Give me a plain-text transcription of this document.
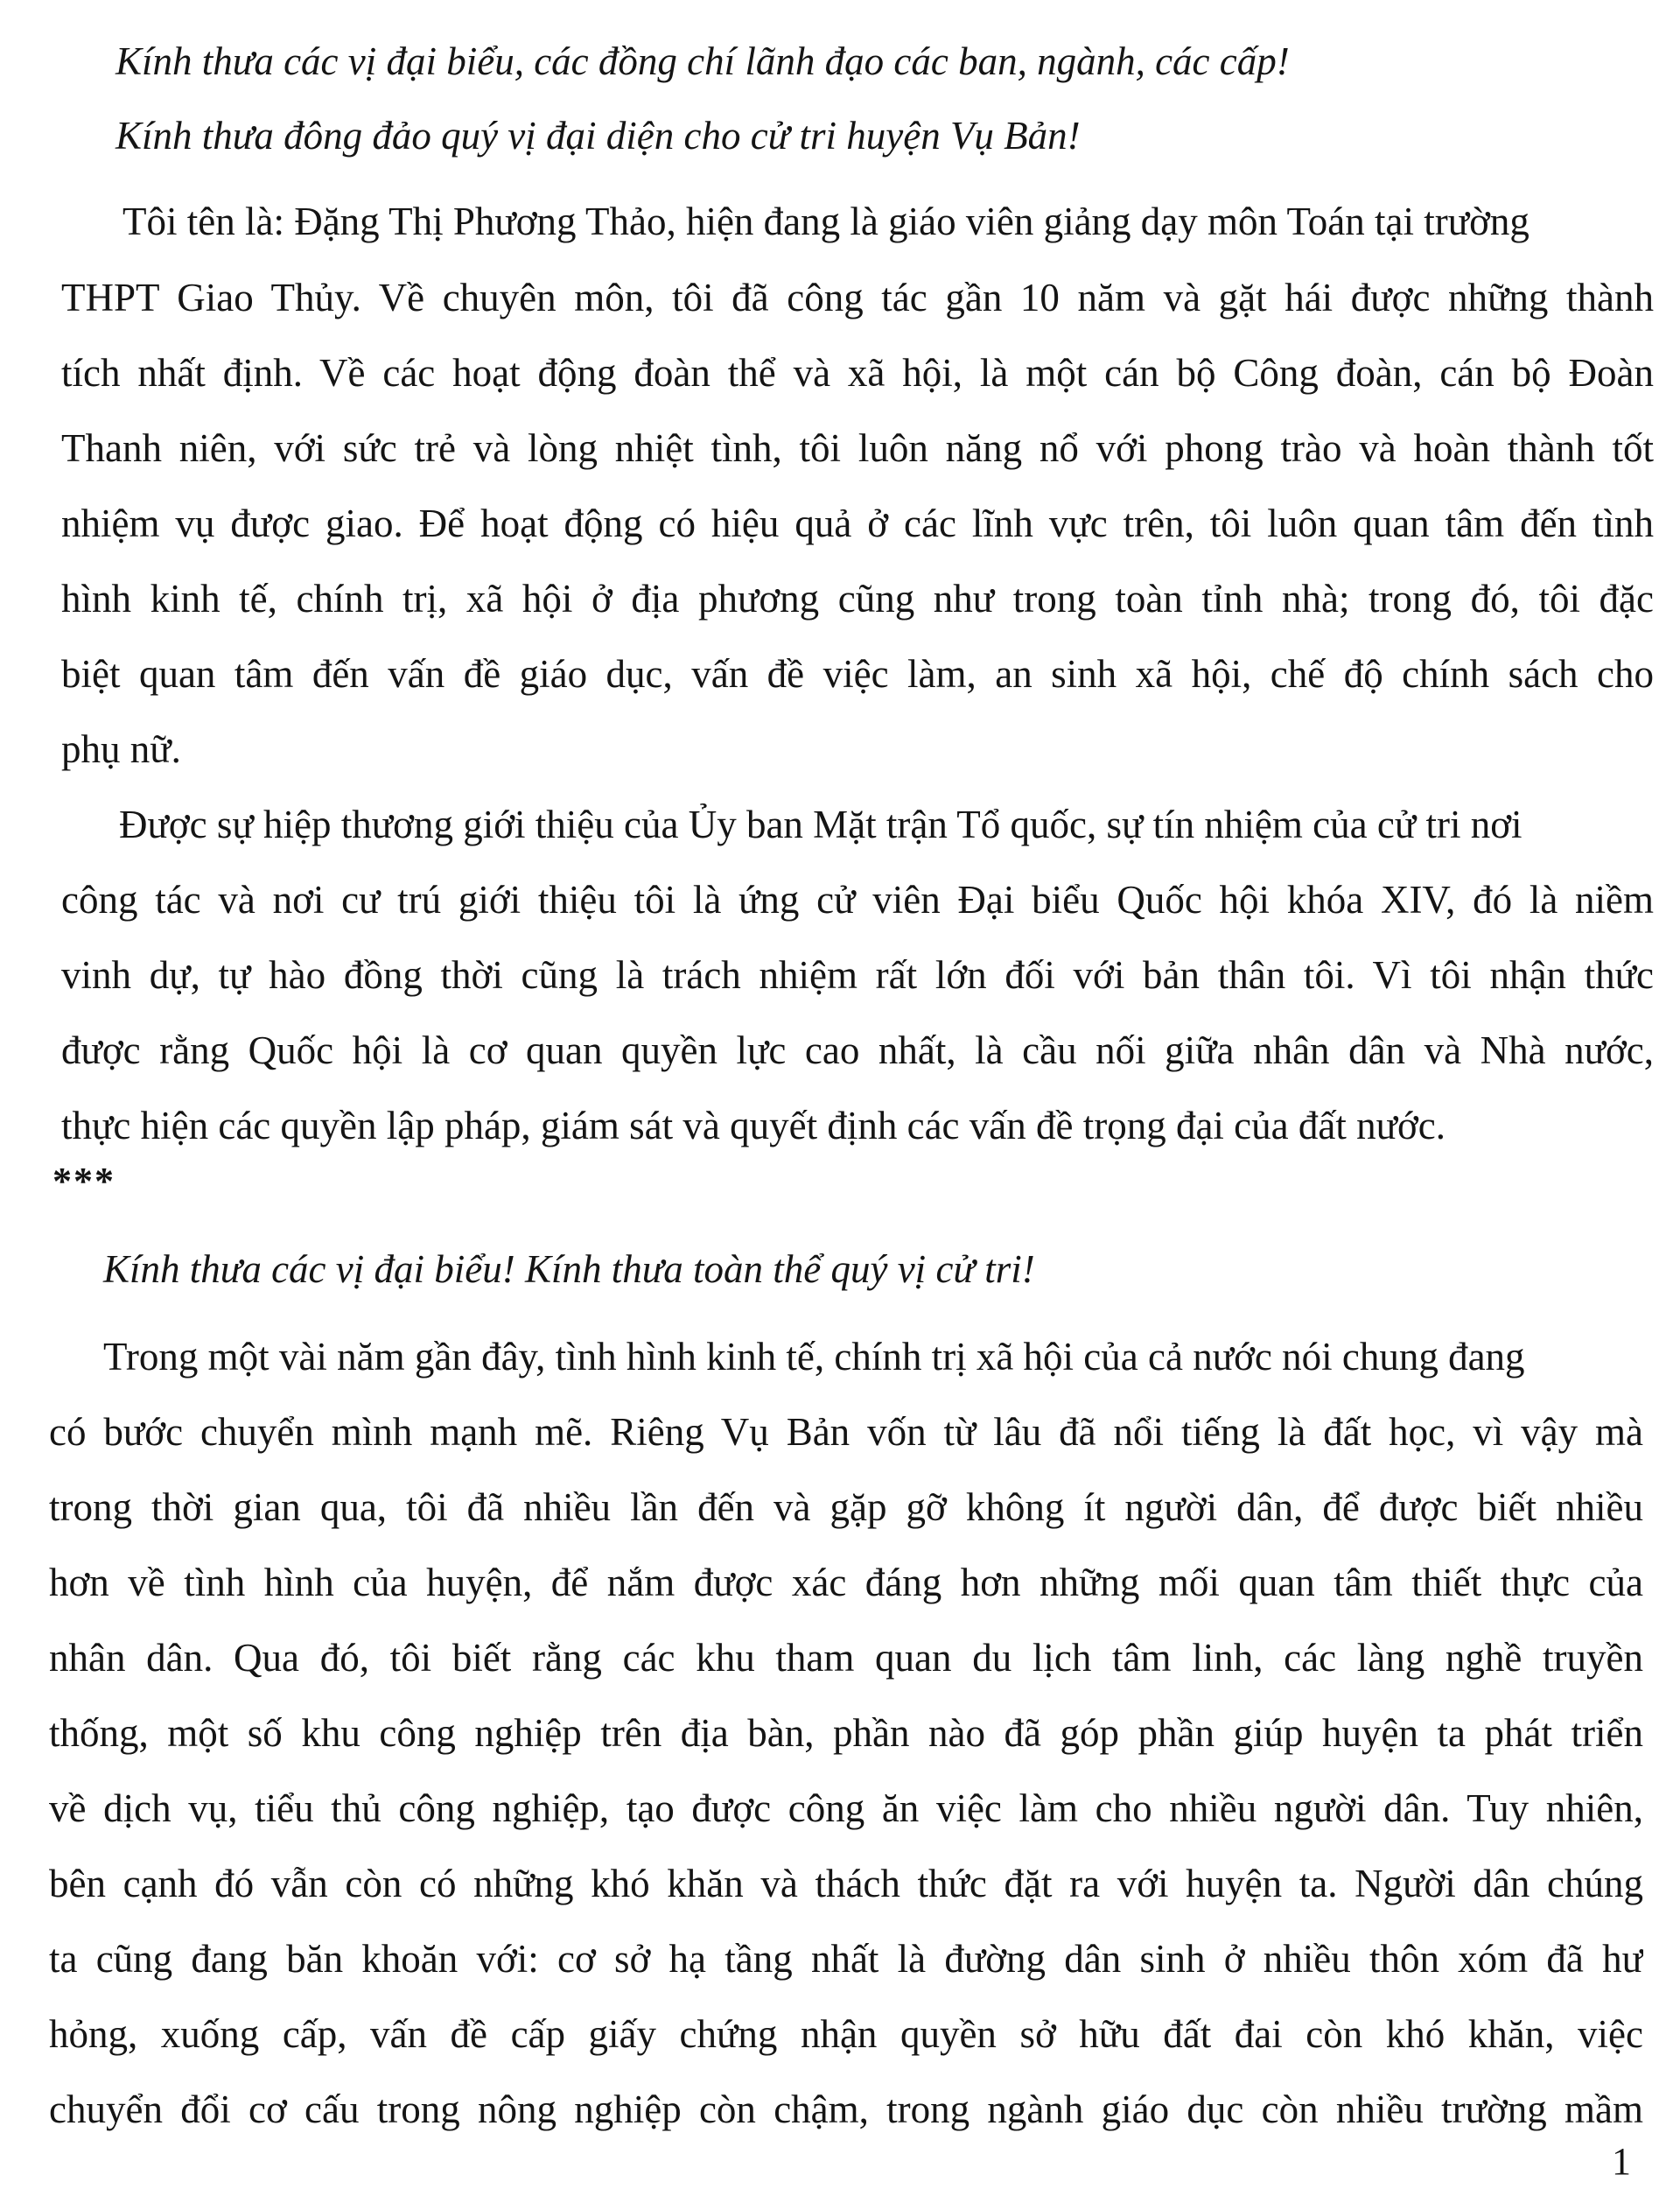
Kính thưa các vị đại biểu, các đồng chí lãnh đạo các ban, ngành, các cấp!

Kính thưa đông đảo quý vị đại diện cho cử tri huyện Vụ Bản!

Tôi tên là: Đặng Thị Phương Thảo, hiện đang là giáo viên giảng dạy môn Toán tại trường

THPT Giao Thủy. Về chuyên môn, tôi đã công tác gần 10 năm và gặt hái được những thành

tích nhất định. Về các hoạt động đoàn thể và xã hội, là một cán bộ Công đoàn, cán bộ Đoàn

Thanh niên, với sức trẻ và lòng nhiệt tình, tôi luôn năng nổ với phong trào và hoàn thành tốt

nhiệm vụ được giao. Để hoạt động có hiệu quả ở các lĩnh vực trên, tôi luôn quan tâm đến tình

hình kinh tế, chính trị, xã hội ở địa phương cũng như trong toàn tỉnh nhà; trong đó, tôi đặc

biệt quan tâm đến vấn đề giáo dục, vấn đề việc làm, an sinh xã hội, chế độ chính sách cho

phụ nữ.

Được sự hiệp thương giới thiệu của Ủy ban Mặt trận Tổ quốc, sự tín nhiệm của cử tri nơi

công tác và nơi cư trú giới thiệu tôi là ứng cử viên Đại biểu Quốc hội khóa XIV, đó là niềm

vinh dự, tự hào đồng thời cũng là trách nhiệm rất lớn đối với bản thân tôi. Vì tôi nhận thức

được rằng Quốc hội là cơ quan quyền lực cao nhất, là cầu nối giữa nhân dân và Nhà nước,

thực hiện các quyền lập pháp, giám sát và quyết định các vấn đề trọng đại của đất nước.

***

Kính thưa các vị đại biểu! Kính thưa toàn thể quý vị cử tri!

Trong một vài năm gần đây, tình hình kinh tế, chính trị xã hội của cả nước nói chung đang

có bước chuyển mình mạnh mẽ. Riêng Vụ Bản vốn từ lâu đã nổi tiếng là đất học, vì vậy mà

trong thời gian qua, tôi đã nhiều lần đến và gặp gỡ không ít người dân, để được biết nhiều

hơn về tình hình của huyện, để nắm được xác đáng hơn những mối quan tâm thiết thực của

nhân dân. Qua đó, tôi biết rằng các khu tham quan du lịch tâm linh, các làng nghề truyền

thống, một số khu công nghiệp trên địa bàn, phần nào đã góp phần giúp huyện ta phát triển

về dịch vụ, tiểu thủ công nghiệp, tạo được công ăn việc làm cho nhiều người dân. Tuy nhiên,

bên cạnh đó vẫn còn có những khó khăn và thách thức đặt ra với huyện ta. Người dân chúng

ta cũng đang băn khoăn với: cơ sở hạ tầng nhất là đường dân sinh ở nhiều thôn xóm đã hư

hỏng, xuống cấp, vấn đề cấp giấy chứng nhận quyền sở hữu đất đai còn khó khăn, việc

chuyển đổi cơ cấu trong nông nghiệp còn chậm, trong ngành giáo dục còn nhiều trường mầm

1
